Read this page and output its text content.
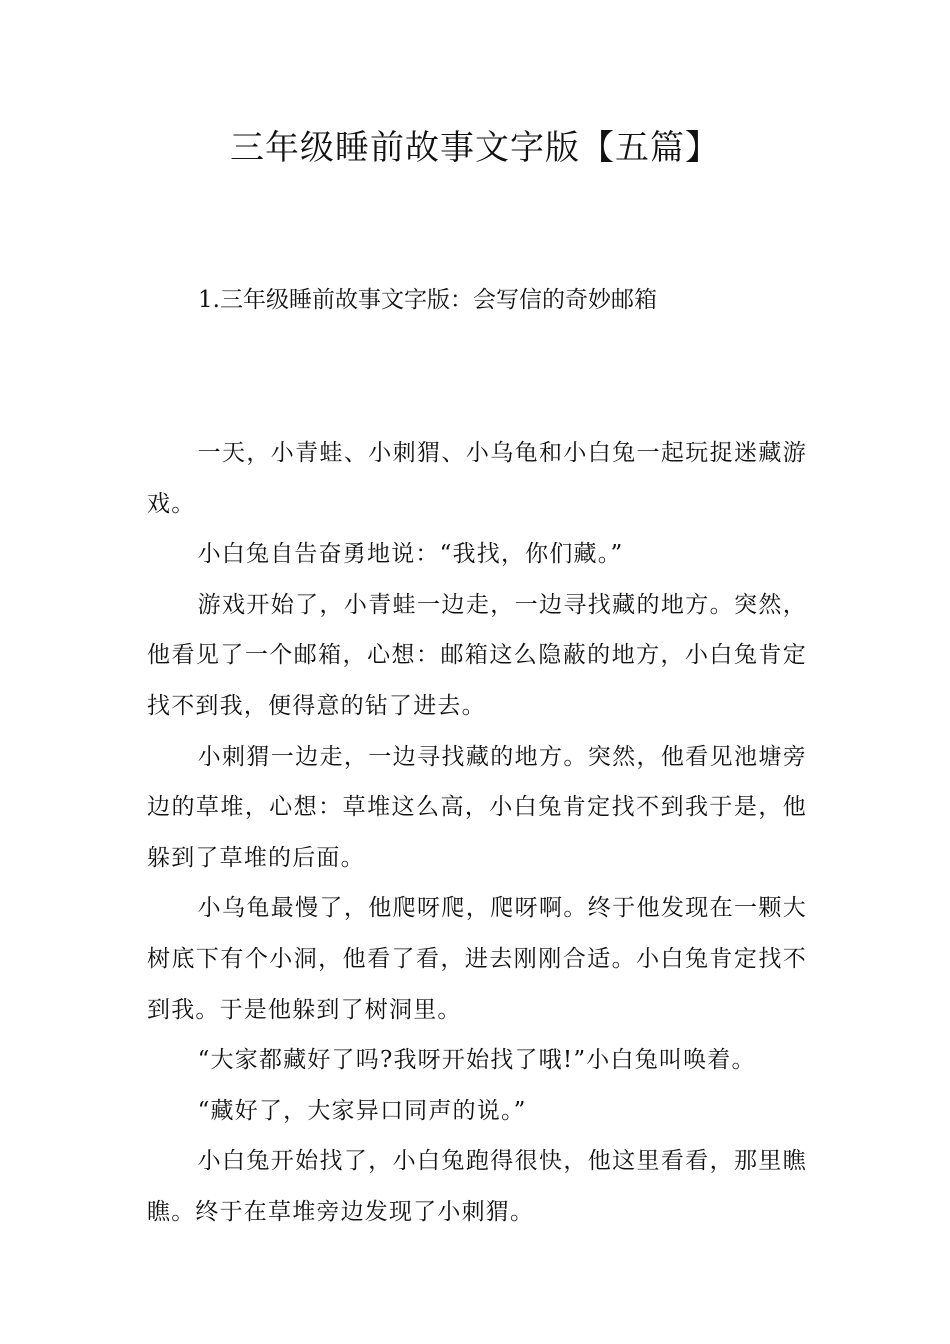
三年级睡前故事文字版【五篇】
1.三年级睡前故事文字版：会写信的奇妙邮箱

一天，小青蛙、小刺猬、小乌龟和小白兔一起玩捉迷藏游戏。

小白兔自告奋勇地说：“我找，你们藏。”

游戏开始了，小青蛙一边走，一边寻找藏的地方。突然，他看见了一个邮箱，心想：邮箱这么隐蔽的地方，小白兔肯定找不到我，便得意的钻了进去。

小刺猬一边走，一边寻找藏的地方。突然，他看见池塘旁边的草堆，心想：草堆这么高，小白兔肯定找不到我于是，他躲到了草堆的后面。

小乌龟最慢了，他爬呀爬，爬呀啊。终于他发现在一颗大树底下有个小洞，他看了看，进去刚刚合适。小白兔肯定找不到我。于是他躲到了树洞里。

“大家都藏好了吗?我呀开始找了哦!”小白兔叫唤着。

“藏好了，大家异口同声的说。”

小白兔开始找了，小白兔跑得很快，他这里看看，那里瞧瞧。终于在草堆旁边发现了小刺猬。
